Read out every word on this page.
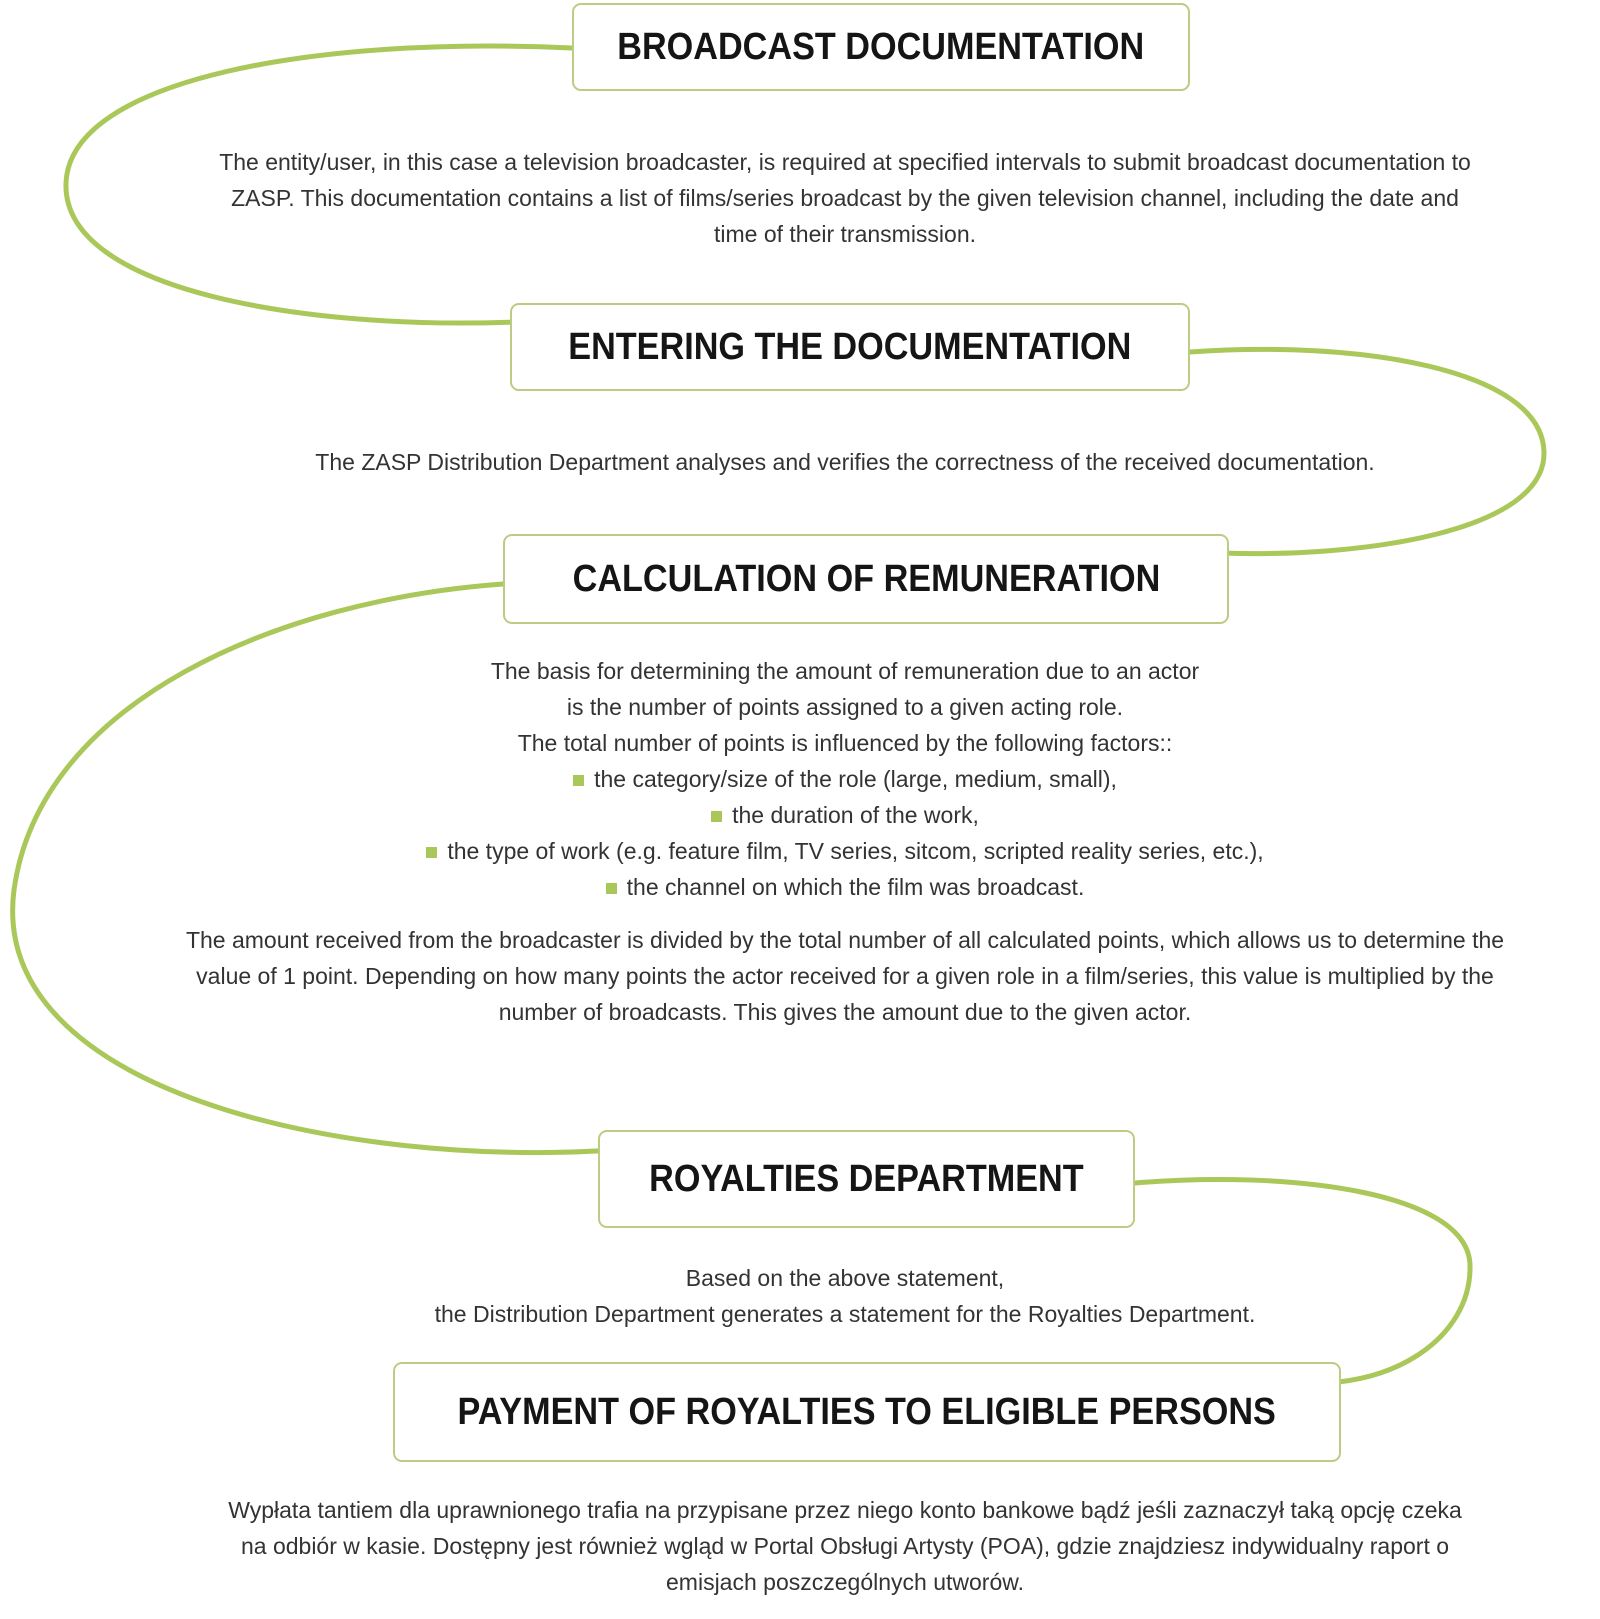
BROADCAST DOCUMENTATION
The entity/user, in this case a television broadcaster, is required at specified intervals to submit broadcast documentation to ZASP. This documentation contains a list of films/series broadcast by the given television channel, including the date and time of their transmission.
ENTERING THE DOCUMENTATION
The ZASP Distribution Department analyses and verifies the correctness of the received documentation.
CALCULATION OF REMUNERATION
The basis for determining the amount of remuneration due to an actor
is the number of points assigned to a given acting role.
The total number of points is influenced by the following factors::
the category/size of the role (large, medium, small),
the duration of the work,
the type of work (e.g. feature film, TV series, sitcom, scripted reality series, etc.),
the channel on which the film was broadcast.
The amount received from the broadcaster is divided by the total number of all calculated points, which allows us to determine the value of 1 point. Depending on how many points the actor received for a given role in a film/series, this value is multiplied by the number of broadcasts. This gives the amount due to the given actor.
ROYALTIES DEPARTMENT
Based on the above statement,
the Distribution Department generates a statement for the Royalties Department.
PAYMENT OF ROYALTIES TO ELIGIBLE PERSONS
Wypłata tantiem dla uprawnionego trafia na przypisane przez niego konto bankowe bądź jeśli zaznaczył taką opcję czeka na odbiór w kasie. Dostępny jest również wgląd w Portal Obsługi Artysty (POA), gdzie znajdziesz indywidualny raport o emisjach poszczególnych utworów.
